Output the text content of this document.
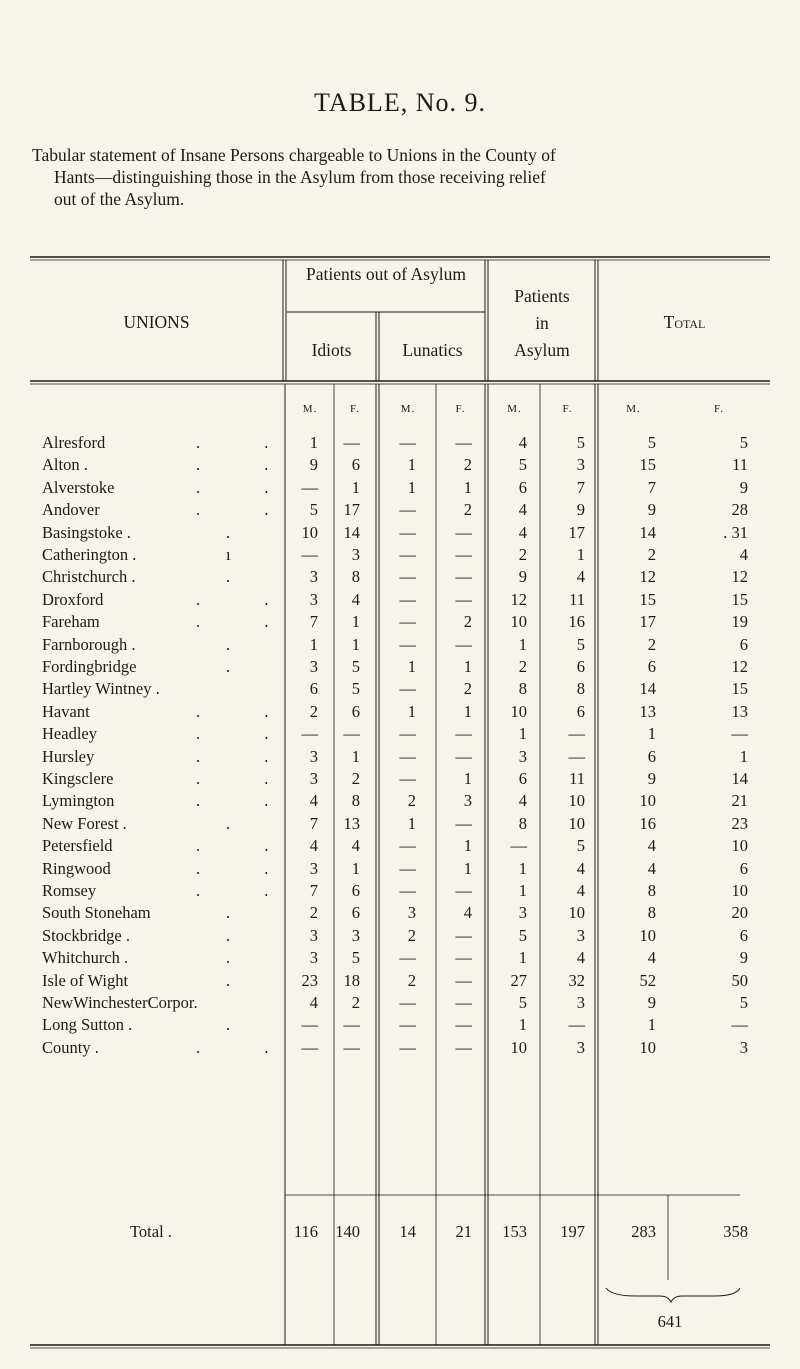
TABLE, No. 9.
Tabular statement of Insane Persons chargeable to Unions in the County of
Hants—distinguishing those in the Asylum from those receiving relief
out of the Asylum.
UNIONS
Patients out of Asylum
Idiots	Lunatics
Patients
in
Asylum
Total
M.	F.	M.	F.	M.	F.	M.	F.
Alresford	. . 1	—	—	—	4	5	5	5
Alton .	. . 9	6	1	2	5	3	15	11
Alverstoke	. . —	1	1	1	6	7	7	9
Andover	. . 5	17	—	2	4	9	9	28
Basingstoke .	.	10	14	—	—	4	17	14	. 31
Catherington .	ı	—	3	—	—	2	1	2	4
Christchurch .	.	3	8	—	—	9	4	12	12
Droxford	. . 3	4	—	—	12	11	15	15
Fareham	. . 7	1	—	2	10	16	17	19
Farnborough .	.	1	1	—	—	1	5	2	6
Fordingbridge	.	3	5	1	1	2	6	6	12
Hartley Wintney .	6	5	—	2	8	8	14	15
Havant	. . 2	6	1	1	10	6	13	13
Headley	. . —	—	—	—	1	—	1	—
Hursley	. . 3	1	—	—	3	—	6	1
Kingsclere	. . 3	2	—	1	6	11	9	14
Lymington	. . 4	8	2	3	4	10	10	21
New Forest .	.	7	13	1	—	8	10	16	23
Petersfield	. . 4	4	—	1	—	5	4	10
Ringwood	. . 3	1	—	1	1	4	4	6
Romsey	. . 7	6	—	—	1	4	8	10
South Stoneham	.	2	6	3	4	3	10	8	20
Stockbridge .	.	3	3	2	—	5	3	10	6
Whitchurch .	.	3	5	—	—	1	4	4	9
Isle of Wight	.	23	18	2	—	27	32	52	50
NewWinchesterCorpor.	4	2	—	—	5	3	9	5
Long Sutton .	.	—	—	—	—	1	—	1	—
County .	. . —	—	—	—	10	3	10	3
Total .	116	140	14	21	153	197	283	358
641
